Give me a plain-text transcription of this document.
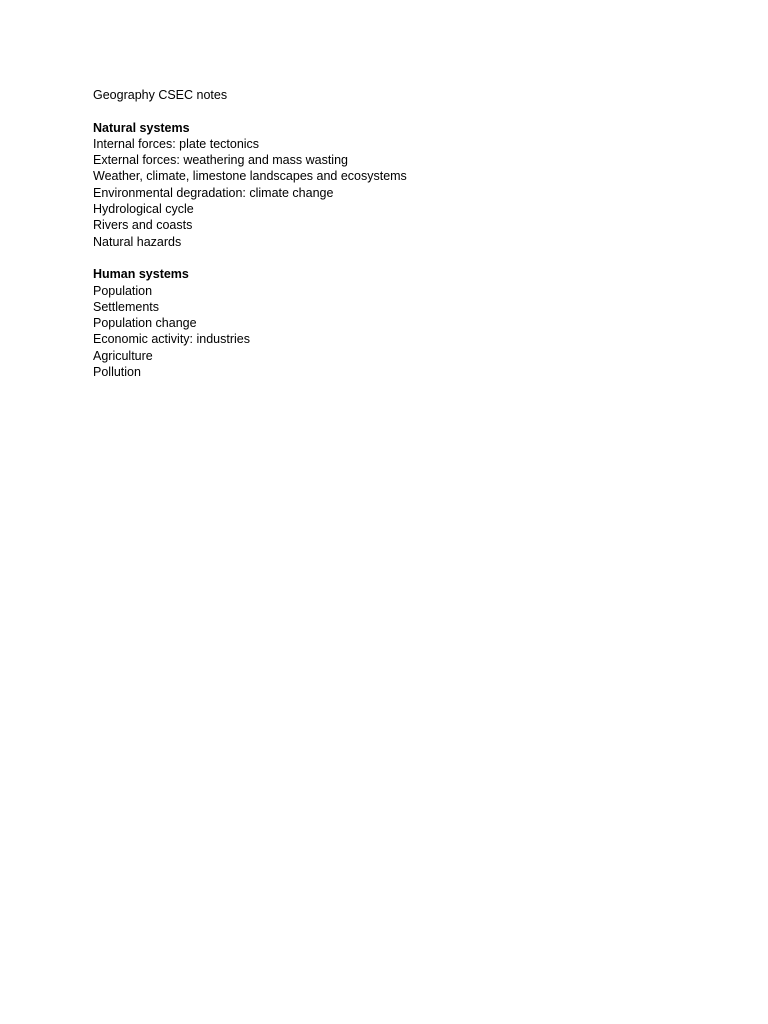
Geography CSEC notes
Natural systems
Internal forces: plate tectonics
External forces: weathering and mass wasting
Weather, climate, limestone landscapes and ecosystems
Environmental degradation: climate change
Hydrological cycle
Rivers and coasts
Natural hazards
Human systems
Population
Settlements
Population change
Economic activity: industries
Agriculture
Pollution
